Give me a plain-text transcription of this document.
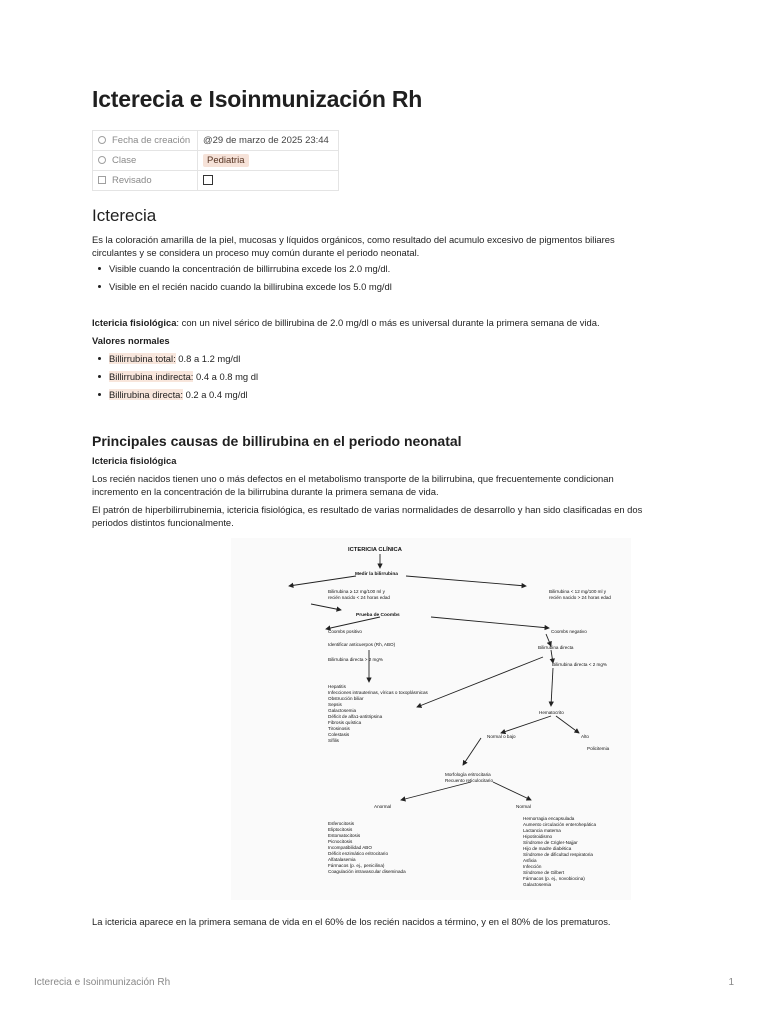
Icterecia e Isoinmunización Rh
Fecha de creación	@29 de marzo de 2025 23:44
Clase	Pediatria
Revisado	
Icterecia

Es la coloración amarilla de la piel, mucosas y líquidos orgánicos, como resultado del acumulo excesivo de pigmentos biliares
circulantes y se considera un proceso muy común durante el periodo neonatal.

Visible cuando la concentración de billirrubina excede los 2.0 mg/dl.
Visible en el recién nacido cuando la billirubina excede los 5.0 mg/dl

Ictericia fisiológica: con un nivel sérico de billirubina de 2.0 mg/dl o más es universal durante la primera semana de vida.

Valores normales

Billirrubina total: 0.8 a 1.2 mg/dl
Billirrubina indirecta: 0.4 a 0.8 mg dl
Billirubina directa: 0.2 a 0.4 mg/dl
Principales causas de billirubina en el periodo neonatal

Ictericia fisiológica

Los recién nacidos tienen uno o más defectos en el metabolismo transporte de la bilirrubina, que frecuentemente condicionan
incremento en la concentración de la bilirrubina durante la primera semana de vida.

El patrón de hiperbilirrubinemia, ictericia fisiológica, es resultado de varias normalidades de desarrollo y han sido clasificadas en dos
periodos distintos funcionalmente.

ICTERICIA CLÍNICA
Medir la bilirrubina
Bilirrubina ≥ 12 mg/100 ml y
recién nacido < 24 horas edad
Bilirrubina < 12 mg/100 ml y
recién nacido > 24 horas edad
Prueba de Coombs
Coombs positivo	Coombs negativo
Identificar anticuerpos (Rh, ABO)
Bilirrubina directa
Bilirrubina directa > 2 mg%
Bilirrubina directa < 2 mg%
Hepatitis
Infecciones intrauterinas, víricas o toxoplásmicas
Obstrucción biliar
Sepsis
Galactosemia
Déficit de alfa1-antitripsina
Fibrosis quística
Tirosinosis
Colestasis
Sífilis
Hematocrito
Normal o bajo	Alto
Policitemia
Morfología eritrocitaria
Recuento reticulocitario
Anormal	Normal
Esferocitosis
Eliptocitosis
Estomatocitosis
Picnocitosis
Incompatibilidad ABO
Déficit enzimático eritrocitario
Alfatalasemia
Fármacos (p. ej., penicilina)
Coagulación intravascular diseminada
Hemorragia encapsulada
Aumento circulación enterohepática
Lactancia materna
Hipotiroidismo
Síndrome de Crigler-Najjar
Hijo de madre diabética
Síndrome de dificultad respiratoria
Asfixia
Infección
Síndrome de Gilbert
Fármacos (p. ej., novobiocina)
Galactosemia

La ictericia aparece en la primera semana de vida en el 60% de los recién nacidos a término, y en el 80% de los prematuros.

Icterecia e Isoinmunización Rh	1
